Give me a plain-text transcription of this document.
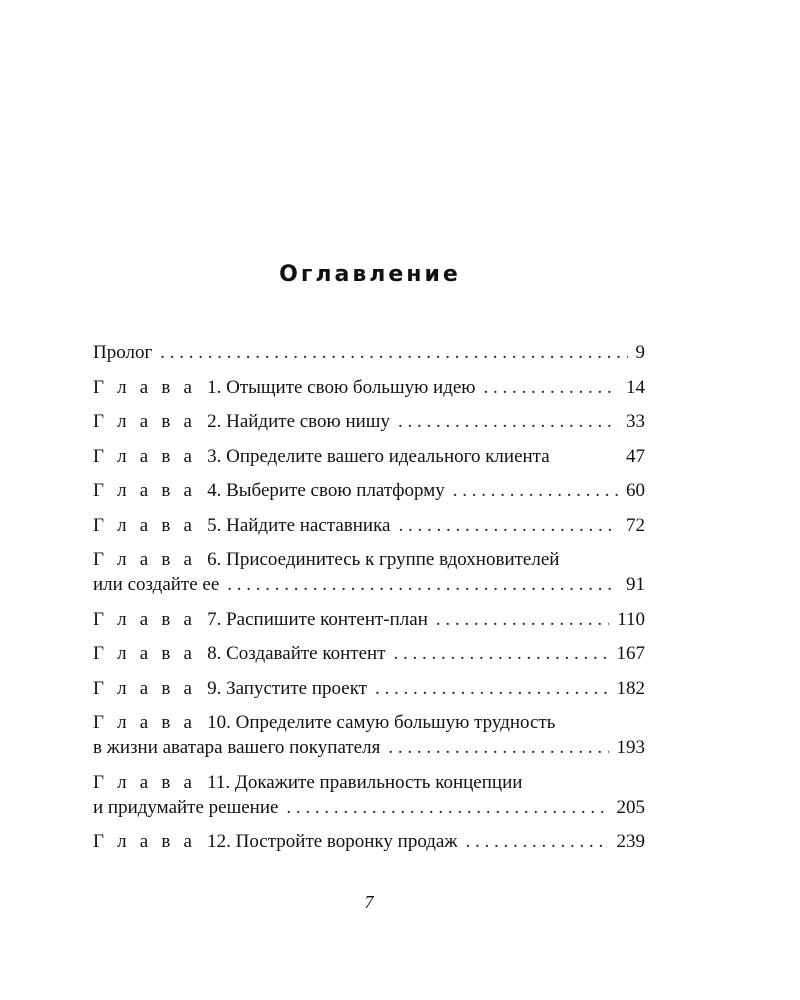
Оглавление
Пролог . . .	9
Г л а в а 1. Отыщите свою большую идею . . .	14
Г л а в а 2. Найдите свою нишу . . .	33
Г л а в а 3. Определите вашего идеального клиента	47
Г л а в а 4. Выберите свою платформу . . .	60
Г л а в а 5. Найдите наставника . . .	72
Г л а в а 6. Присоединитесь к группе вдохновителей
или создайте ее . . .	91
Г л а в а 7. Распишите контент-план . . .	110
Г л а в а 8. Создавайте контент . . .	167
Г л а в а 9. Запустите проект . . .	182
Г л а в а 10. Определите самую большую трудность
в жизни аватара вашего покупателя . . .	193
Г л а в а 11. Докажите правильность концепции
и придумайте решение . . .	205
Г л а в а 12. Постройте воронку продаж . . .	239
7
